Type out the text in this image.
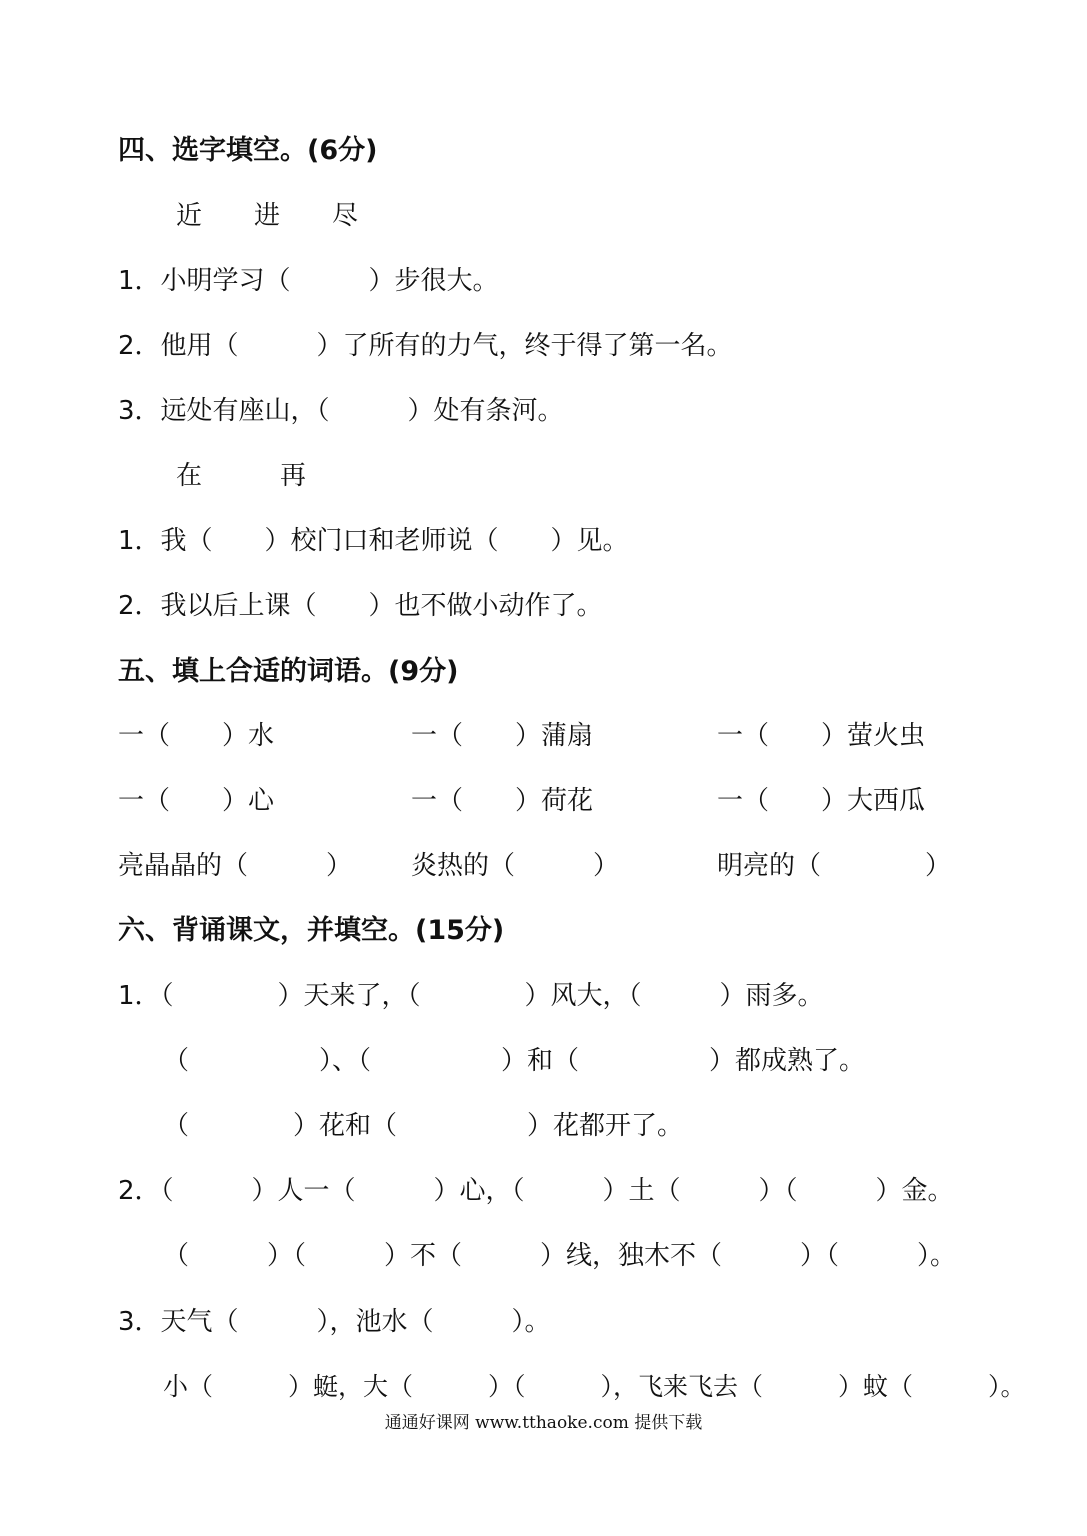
四、选字填空。(6分)
近　　进　　尽
1．小明学习（　　　）步很大。
2．他用（　　　）了所有的力气，终于得了第一名。
3．远处有座山，（　　　）处有条河。
在　　　再
1．我（　　）校门口和老师说（　　）见。
2．我以后上课（　　）也不做小动作了。
五、填上合适的词语。(9分)
一（　　）水	一（　　）蒲扇	一（　　）萤火虫
一（　　）心	一（　　）荷花	一（　　）大西瓜
亮晶晶的（　　　） 炎热的（　　　）	明亮的（　　　　）
六、背诵课文，并填空。(15分)
1．（　　　　）天来了，（　　　　）风大，（　　　）雨多。
（　　　　　）、（　　　　　）和（　　　　　）都成熟了。
（　　　　）花和（　　　　　）花都开了。
2．（　　　）人一（　　　）心，（　　　）土（　　　）（　　　）金。
（　　　）（　　　）不（　　　）线，独木不（　　　）（　　　）。
3．天气（　　　），池水（　　　）。
小（　　　）蜓，大（　　　）（　　　），飞来飞去（　　　）蚊（　　　）。
通通好课网 www.tthaoke.com 提供下载
